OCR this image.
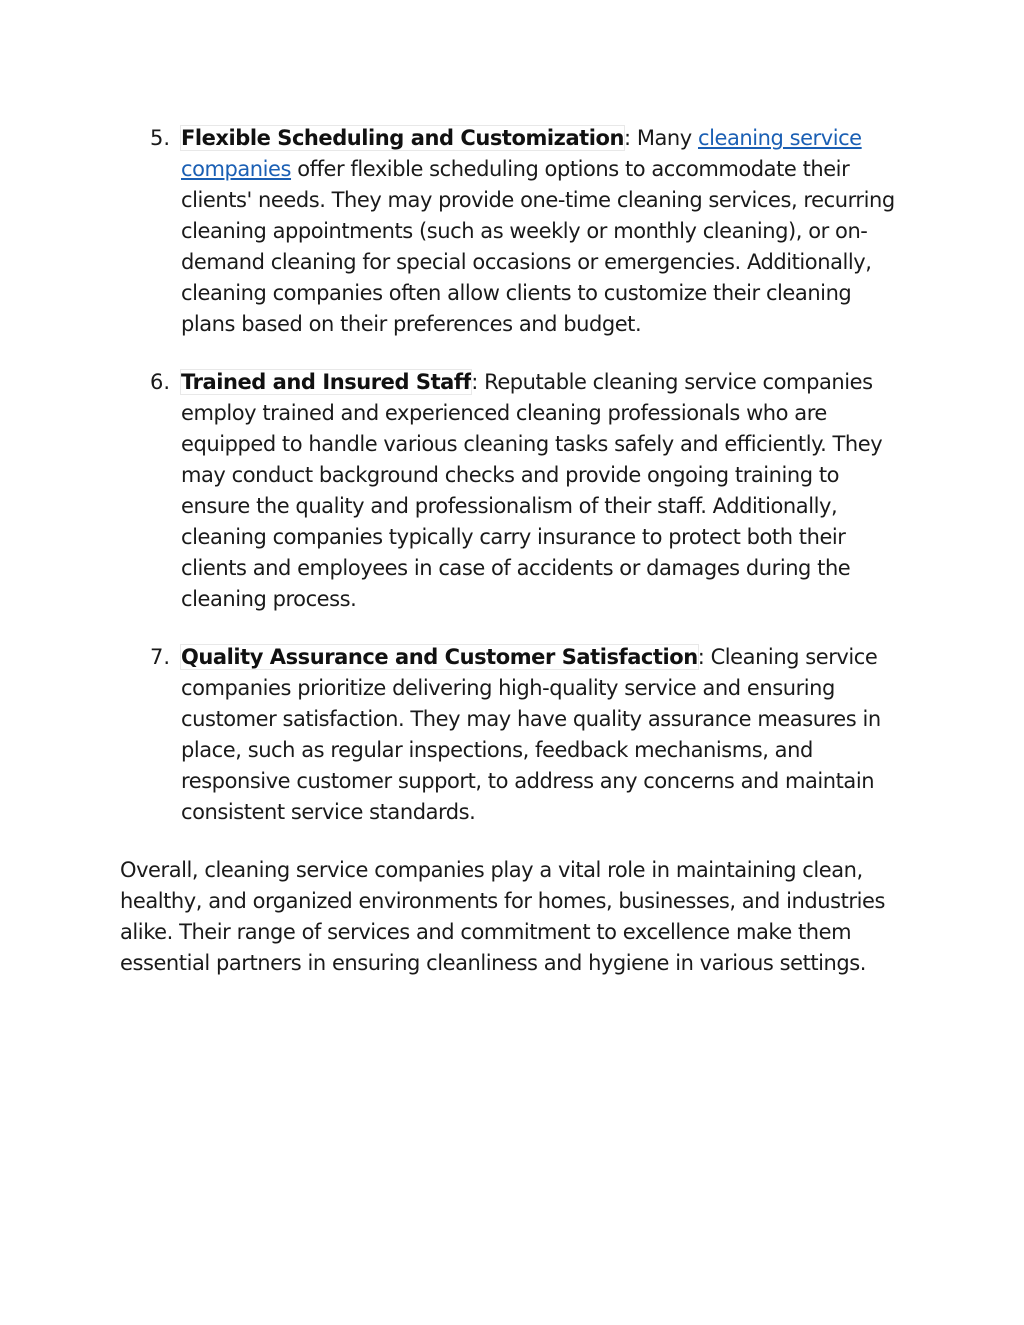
5. Flexible Scheduling and Customization: Many cleaning service
companies offer flexible scheduling options to accommodate their
clients' needs. They may provide one-time cleaning services, recurring
cleaning appointments (such as weekly or monthly cleaning), or on-
demand cleaning for special occasions or emergencies. Additionally,
cleaning companies often allow clients to customize their cleaning
plans based on their preferences and budget.
6. Trained and Insured Staff: Reputable cleaning service companies
employ trained and experienced cleaning professionals who are
equipped to handle various cleaning tasks safely and efficiently. They
may conduct background checks and provide ongoing training to
ensure the quality and professionalism of their staff. Additionally,
cleaning companies typically carry insurance to protect both their
clients and employees in case of accidents or damages during the
cleaning process.
7. Quality Assurance and Customer Satisfaction: Cleaning service
companies prioritize delivering high-quality service and ensuring
customer satisfaction. They may have quality assurance measures in
place, such as regular inspections, feedback mechanisms, and
responsive customer support, to address any concerns and maintain
consistent service standards.
Overall, cleaning service companies play a vital role in maintaining clean,
healthy, and organized environments for homes, businesses, and industries
alike. Their range of services and commitment to excellence make them
essential partners in ensuring cleanliness and hygiene in various settings.
